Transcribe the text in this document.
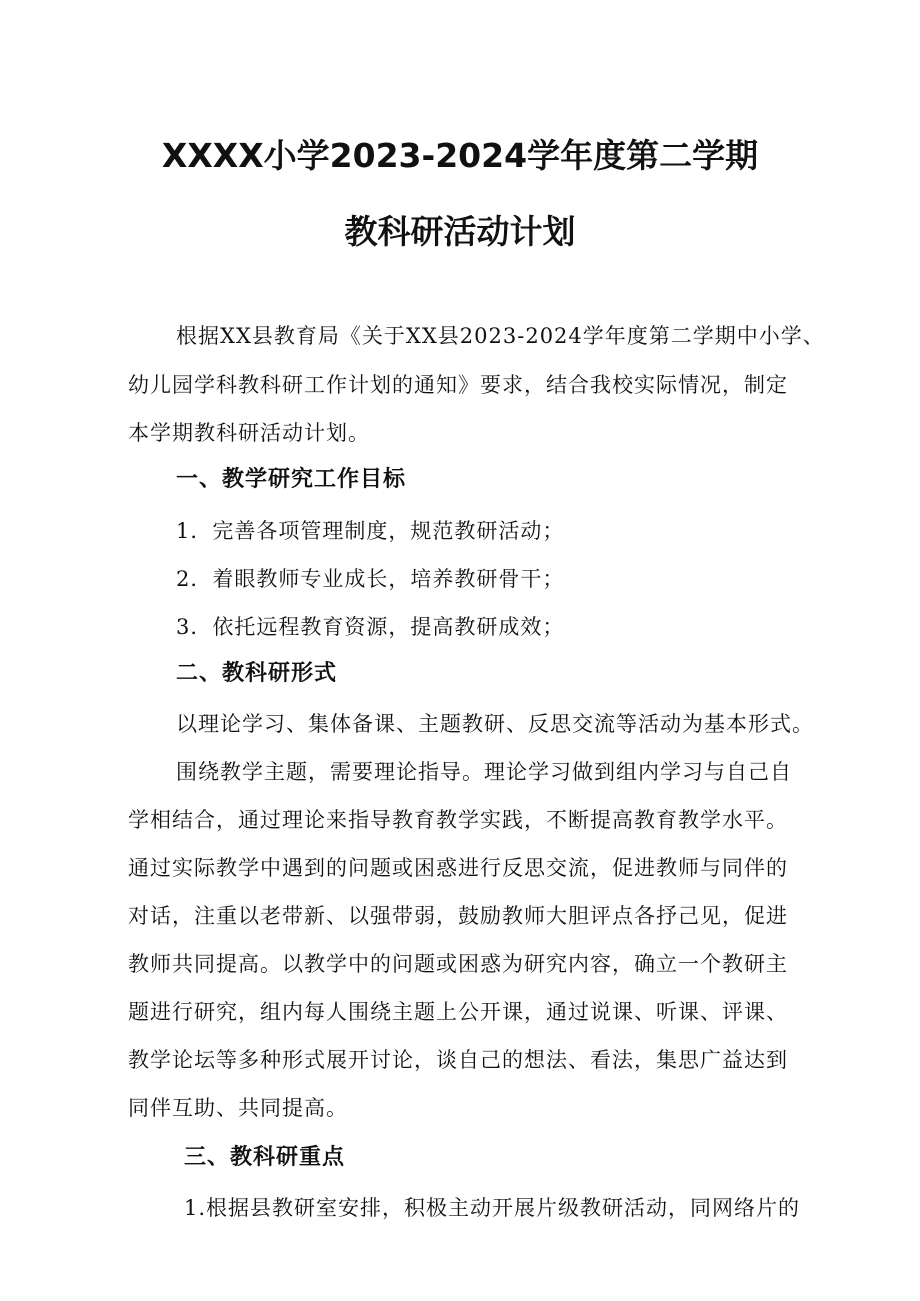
XXXX小学2023-2024学年度第二学期
教科研活动计划
根据XX县教育局《关于XX县2023-2024学年度第二学期中小学、
幼儿园学科教科研工作计划的通知》要求，结合我校实际情况，制定
本学期教科研活动计划。
一、教学研究工作目标
1．完善各项管理制度，规范教研活动；
2．着眼教师专业成长，培养教研骨干；
3．依托远程教育资源，提高教研成效；
二、教科研形式
以理论学习、集体备课、主题教研、反思交流等活动为基本形式。
围绕教学主题，需要理论指导。理论学习做到组内学习与自己自
学相结合，通过理论来指导教育教学实践，不断提高教育教学水平。
通过实际教学中遇到的问题或困惑进行反思交流，促进教师与同伴的
对话，注重以老带新、以强带弱，鼓励教师大胆评点各抒己见，促进
教师共同提高。以教学中的问题或困惑为研究内容，确立一个教研主
题进行研究，组内每人围绕主题上公开课，通过说课、听课、评课、
教学论坛等多种形式展开讨论，谈自己的想法、看法，集思广益达到
同伴互助、共同提高。
三、教科研重点
1.根据县教研室安排，积极主动开展片级教研活动，同网络片的
